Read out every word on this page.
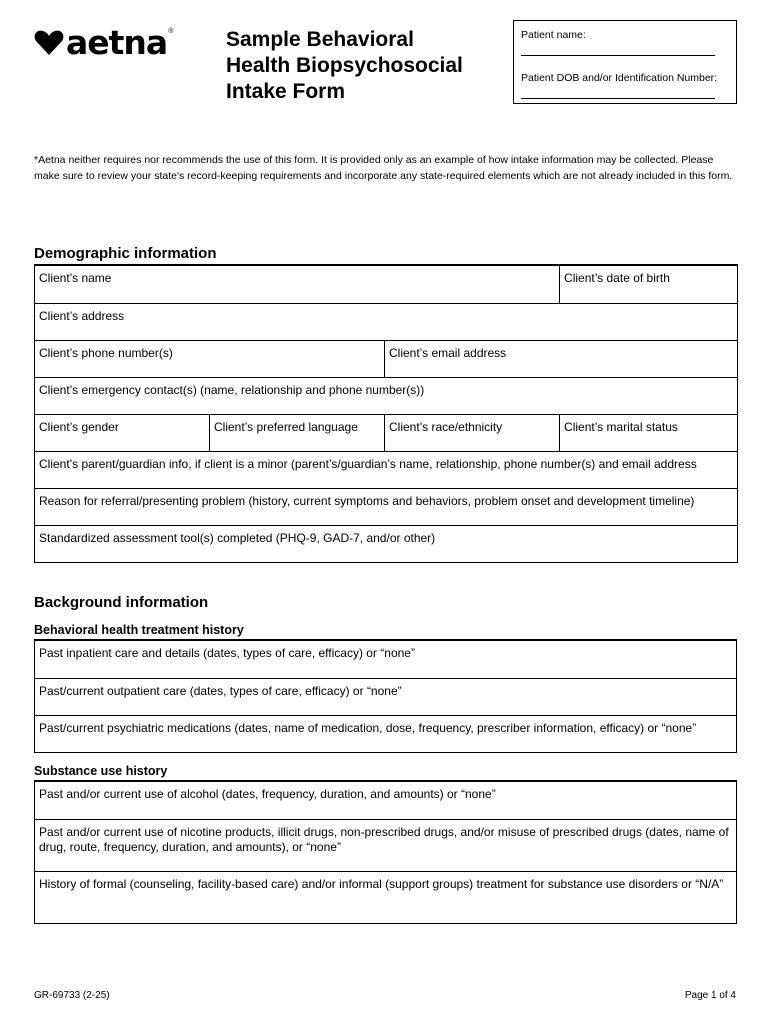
aetna ®	Sample Behavioral
Health Biopsychosocial
Intake Form
Patient name:
Patient DOB and/or Identification Number:

*Aetna neither requires nor recommends the use of this form. It is provided only as an example of how intake information may be collected. Please make sure to review your state's record-keeping requirements and incorporate any state-required elements which are not already included in this form.

Demographic information
Client’s name			Client’s date of birth
Client’s address			
Client’s phone number(s)		Client’s email address	
Client’s emergency contact(s) (name, relationship and phone number(s))			
Client’s gender	Client’s preferred language	Client’s race/ethnicity	Client’s marital status
Client’s parent/guardian info, if client is a minor (parent’s/guardian’s name, relationship, phone number(s) and email address			
Reason for referral/presenting problem (history, current symptoms and behaviors, problem onset and development timeline)			
Standardized assessment tool(s) completed (PHQ-9, GAD-7, and/or other)			
Background information
Behavioral health treatment history
Past inpatient care and details (dates, types of care, efficacy) or “none”
Past/current outpatient care (dates, types of care, efficacy) or “none”
Past/current psychiatric medications (dates, name of medication, dose, frequency, prescriber information, efficacy) or “none”
Substance use history
Past and/or current use of alcohol (dates, frequency, duration, and amounts) or “none”
Past and/or current use of nicotine products, illicit drugs, non-prescribed drugs, and/or misuse of prescribed drugs (dates, name of drug, route, frequency, duration, and amounts), or “none”
History of formal (counseling, facility-based care) and/or informal (support groups) treatment for substance use disorders or “N/A”
GR-69733 (2-25)	Page 1 of 4
